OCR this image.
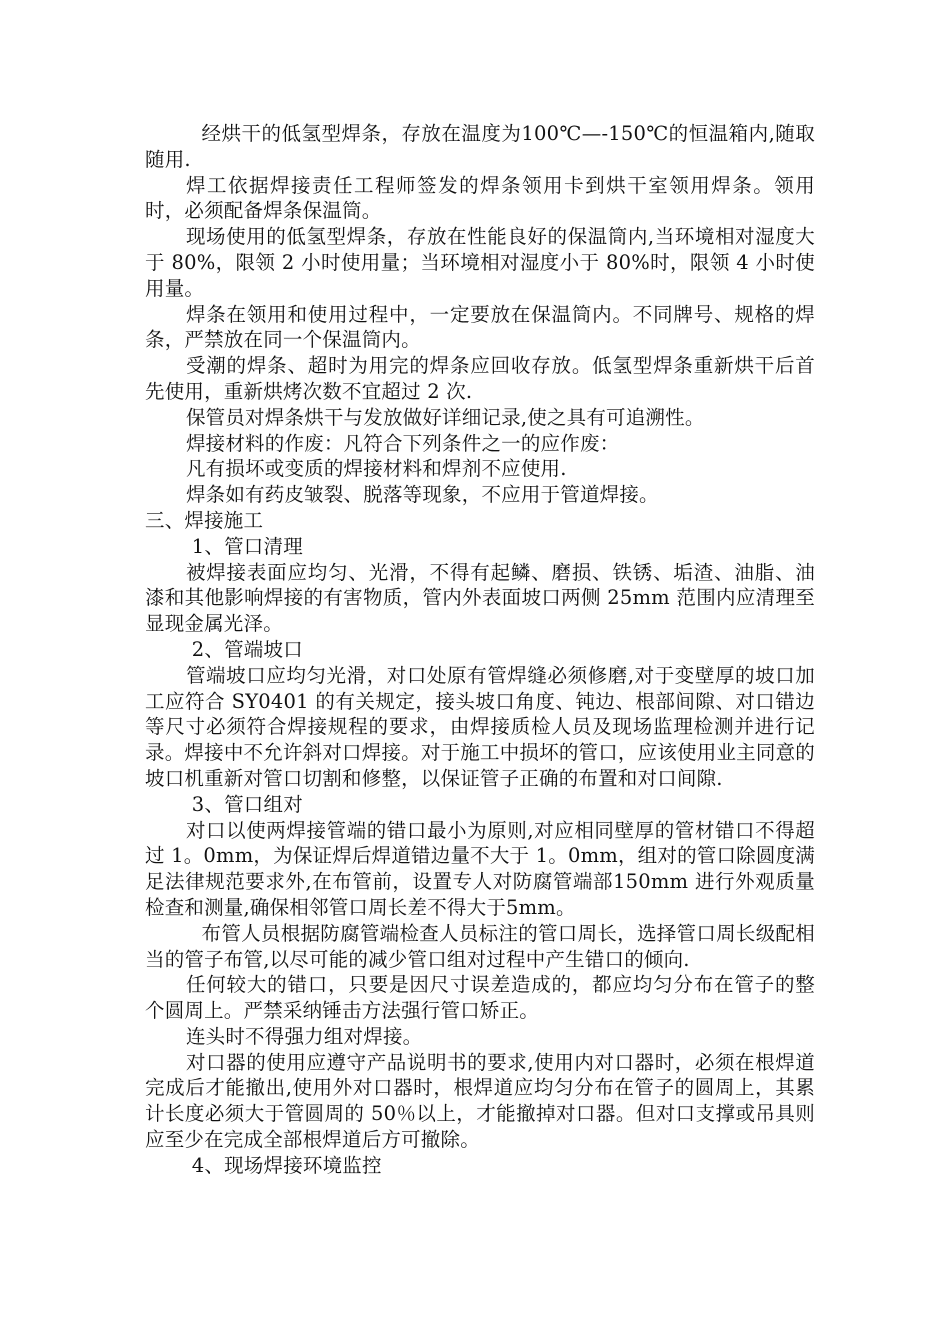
经烘干的低氢型焊条，存放在温度为100℃—-150℃的恒温箱内,随取随用.

焊工依据焊接责任工程师签发的焊条领用卡到烘干室领用焊条。领用时，必须配备焊条保温筒。

现场使用的低氢型焊条，存放在性能良好的保温筒内,当环境相对湿度大于 80%，限领 2 小时使用量；当环境相对湿度小于 80%时，限领 4 小时使用量。

焊条在领用和使用过程中，一定要放在保温筒内。不同牌号、规格的焊条，严禁放在同一个保温筒内。

受潮的焊条、超时为用完的焊条应回收存放。低氢型焊条重新烘干后首先使用，重新烘烤次数不宜超过 2 次.

保管员对焊条烘干与发放做好详细记录,使之具有可追溯性。

焊接材料的作废：凡符合下列条件之一的应作废：

凡有损坏或变质的焊接材料和焊剂不应使用.

焊条如有药皮皱裂、脱落等现象，不应用于管道焊接。

三、焊接施工

1、管口清理

被焊接表面应均匀、光滑，不得有起鳞、磨损、铁锈、垢渣、油脂、油漆和其他影响焊接的有害物质，管内外表面坡口两侧 25mm 范围内应清理至显现金属光泽。

2、管端坡口

管端坡口应均匀光滑，对口处原有管焊缝必须修磨,对于变壁厚的坡口加工应符合 SY0401 的有关规定，接头坡口角度、钝边、根部间隙、对口错边等尺寸必须符合焊接规程的要求，由焊接质检人员及现场监理检测并进行记录。焊接中不允许斜对口焊接。对于施工中损坏的管口，应该使用业主同意的坡口机重新对管口切割和修整，以保证管子正确的布置和对口间隙.

3、管口组对

对口以使两焊接管端的错口最小为原则,对应相同壁厚的管材错口不得超过 1。0mm，为保证焊后焊道错边量不大于 1。0mm，组对的管口除圆度满足法律规范要求外,在布管前，设置专人对防腐管端部150mm 进行外观质量检查和测量,确保相邻管口周长差不得大于5mm。

布管人员根据防腐管端检查人员标注的管口周长，选择管口周长级配相当的管子布管,以尽可能的减少管口组对过程中产生错口的倾向.

任何较大的错口，只要是因尺寸误差造成的，都应均匀分布在管子的整个圆周上。严禁采纳锤击方法强行管口矫正。

连头时不得强力组对焊接。

对口器的使用应遵守产品说明书的要求,使用内对口器时，必须在根焊道完成后才能撤出,使用外对口器时，根焊道应均匀分布在管子的圆周上，其累计长度必须大于管圆周的 50％以上，才能撤掉对口器。但对口支撑或吊具则应至少在完成全部根焊道后方可撤除。

4、现场焊接环境监控
